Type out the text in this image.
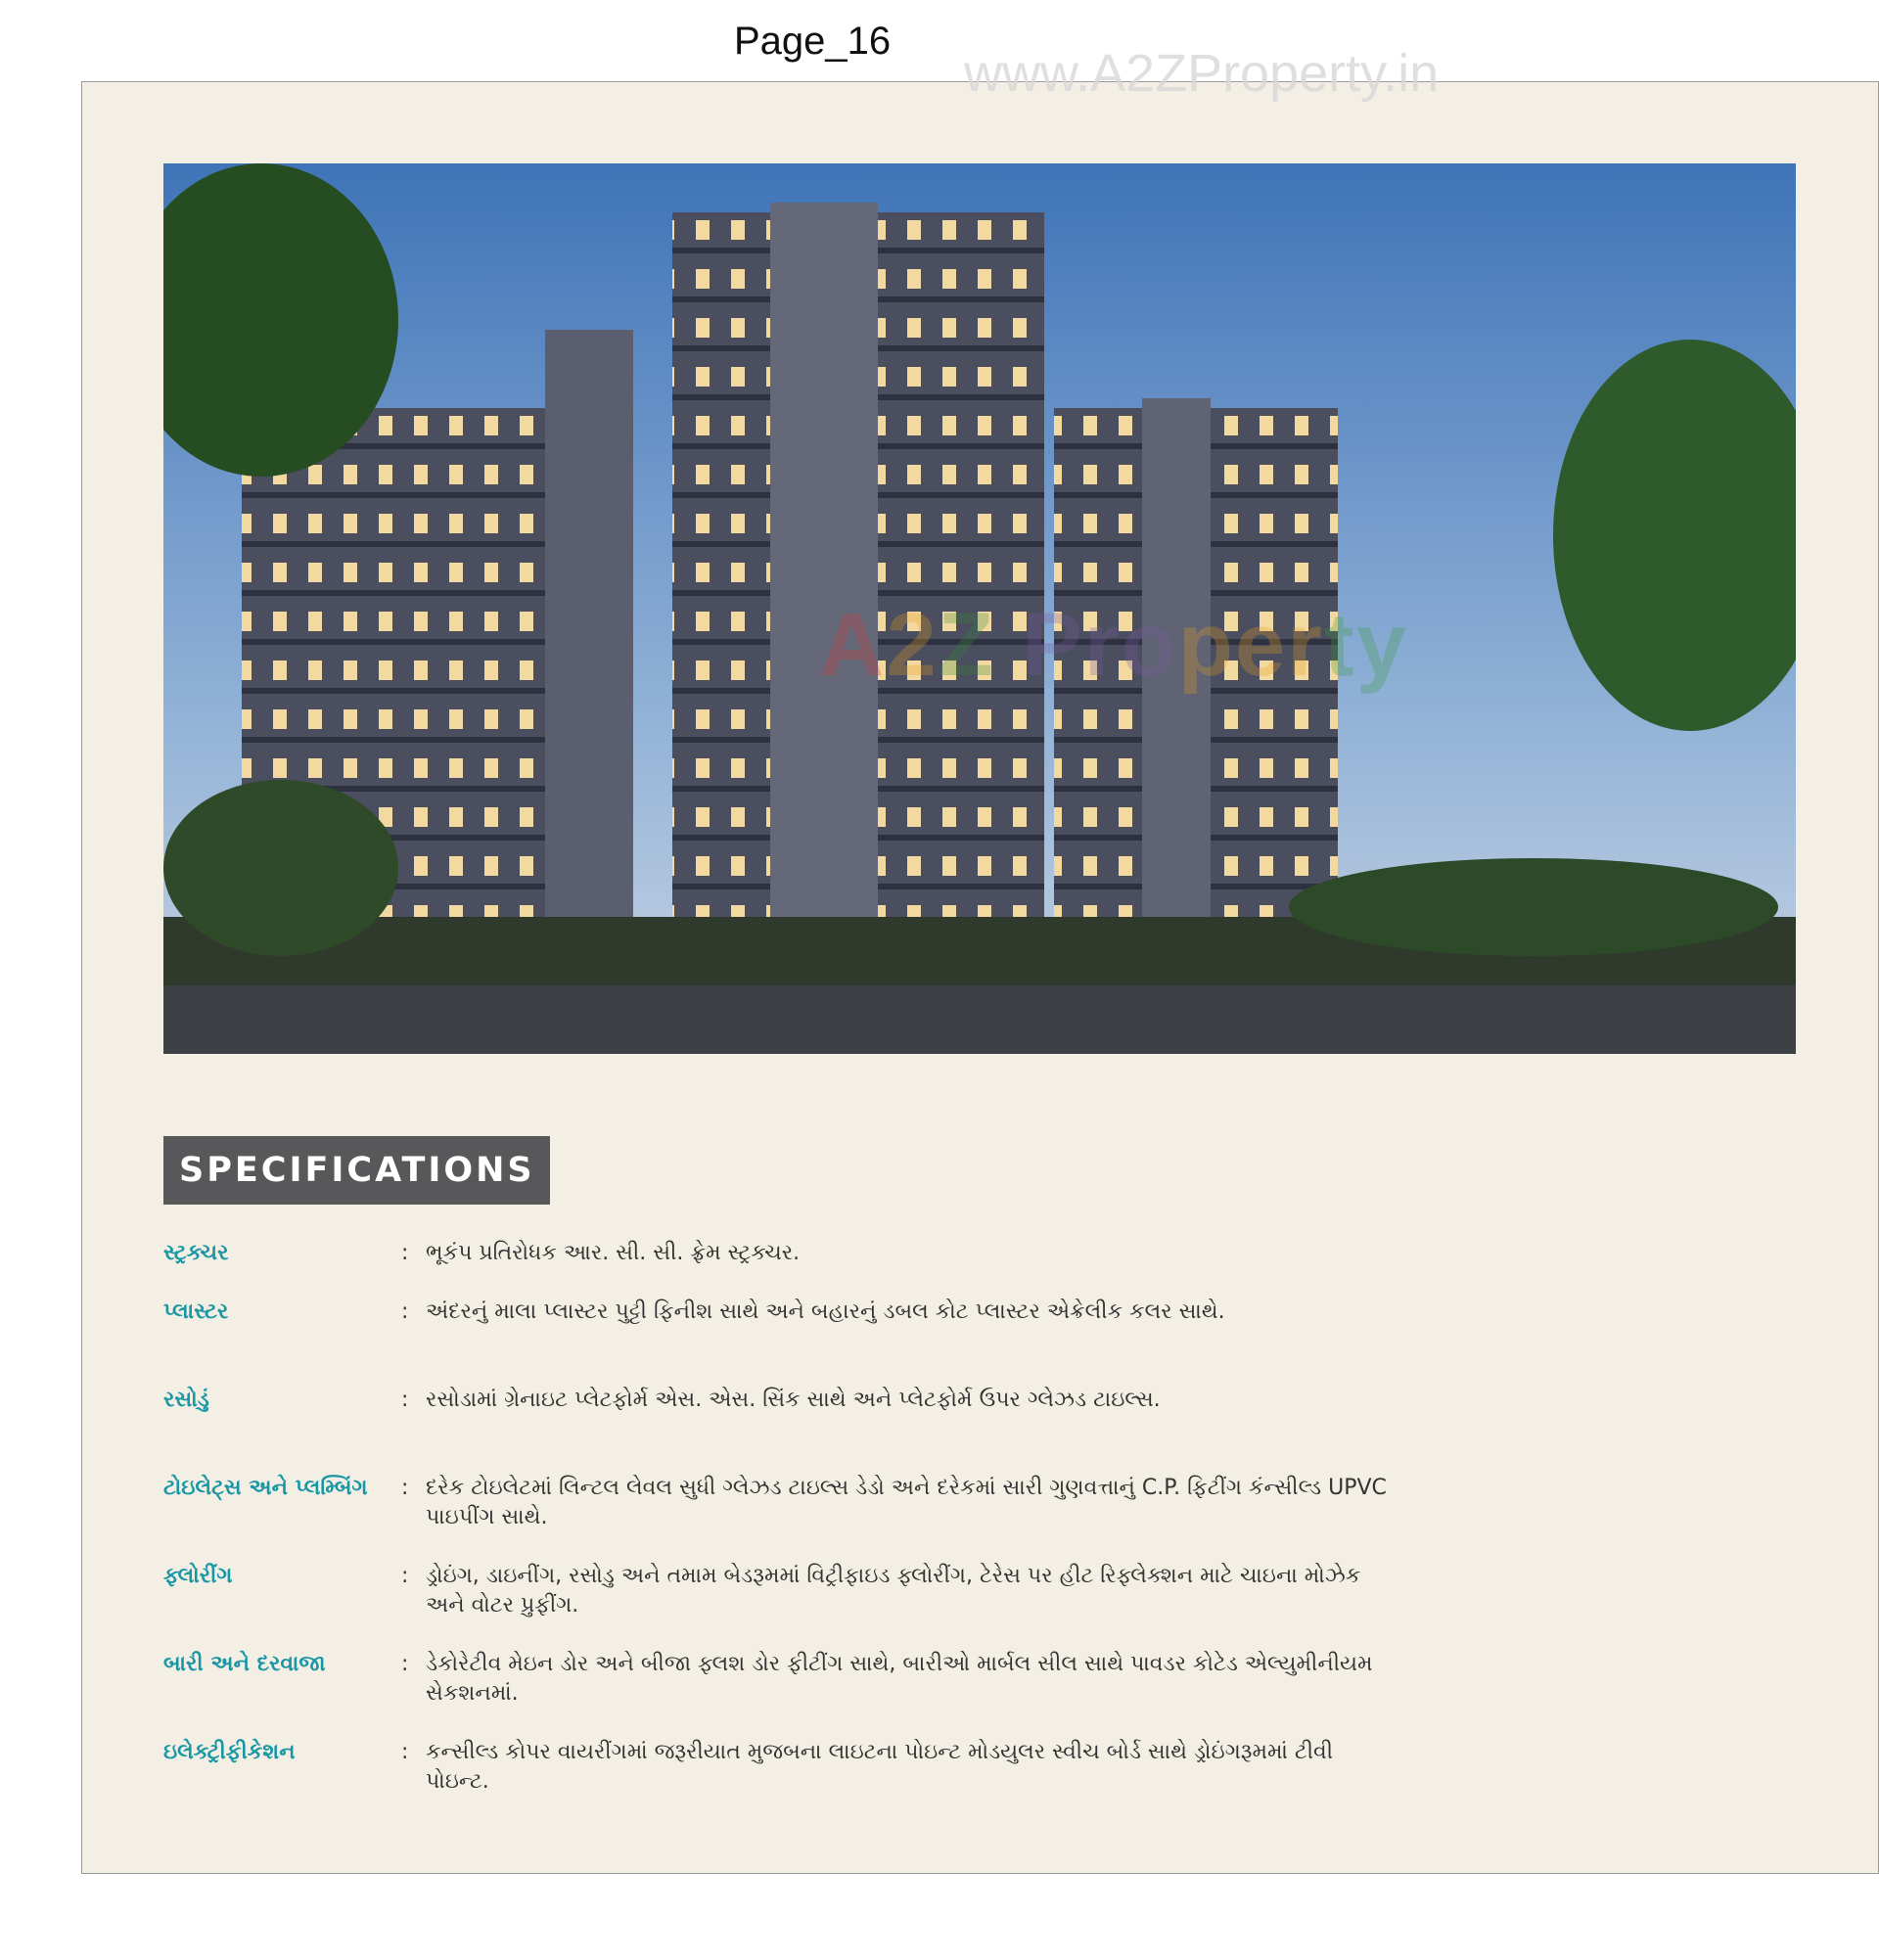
Page_16
www.A2ZProperty.in
A2Z Property
SPECIFICATIONS
સ્ટ્રક્ચર	: ભૂકંપ પ્રતિરોધક આર. સી. સી. ફ્રેમ સ્ટ્રક્ચર.
પ્લાસ્ટર	: અંદરનું માલા પ્લાસ્ટર પુટ્ટી ફિનીશ સાથે અને બહારનું ડબલ કોટ પ્લાસ્ટર એક્રેલીક કલર સાથે.
રસોડું	: રસોડામાં ગ્રેનાઇટ પ્લેટફોર્મ એસ. એસ. સિંક સાથે અને પ્લેટફોર્મ ઉપર ગ્લેઝડ ટાઇલ્સ.
ટોઇલેટ્સ અને પ્લમ્બિંગ : દરેક ટોઇલેટમાં લિન્ટલ લેવલ સુધી ગ્લેઝડ ટાઇલ્સ ડેડો અને દરેકમાં સારી ગુણવત્તાનું C.P. ફિટીંગ કંન્સીલ્ડ UPVC પાઇપીંગ સાથે.
ફ્લોરીંગ	: ડ્રોઇંગ, ડાઇનીંગ, રસોડુ અને તમામ બેડરૂમમાં વિટ્રીફાઇડ ફ્લોરીંગ, ટેરેસ પર હીટ રિફ્લેક્શન માટે ચાઇના મોઝેક અને વોટર પ્રુફીંગ.
બારી અને દરવાજા	: ડેકોરેટીવ મેઇન ડોર અને બીજા ફ્લશ ડોર ફીટીંગ સાથે, બારીઓ માર્બલ સીલ સાથે પાવડર કોટેડ એલ્યુમીનીયમ સેકશનમાં.
ઇલેક્ટ્રીફીકેશન	: કન્સીલ્ડ કોપર વાયરીંગમાં જરૂરીયાત મુજબના લાઇટના પોઇન્ટ મોડયુલર સ્વીચ બોર્ડ સાથે ડ્રોઇંગરૂમમાં ટીવી પોઇન્ટ.
